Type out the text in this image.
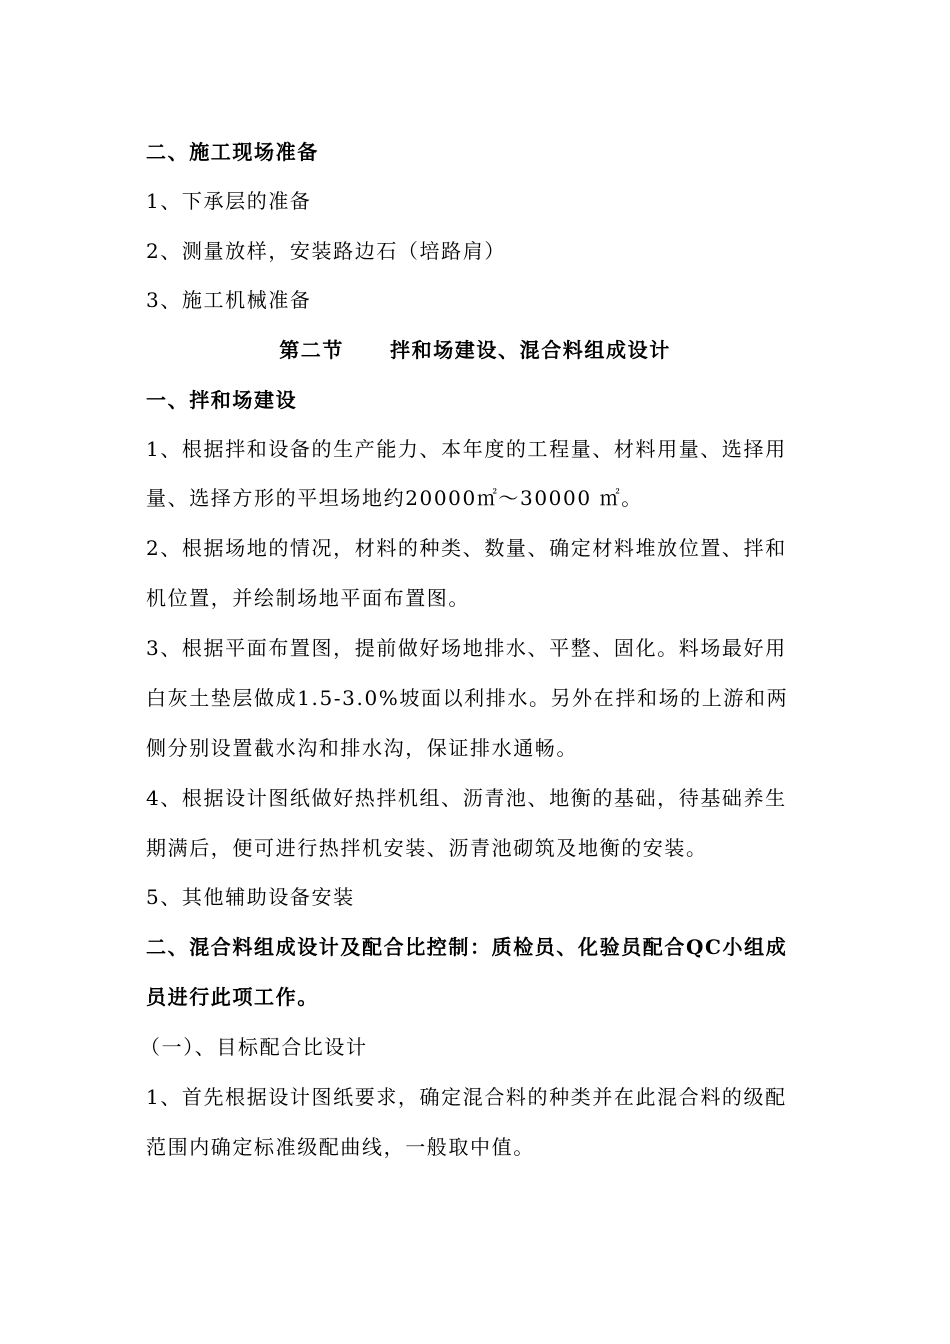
二、施工现场准备
1、下承层的准备
2、测量放样，安装路边石（培路肩）
3、施工机械准备
第二节 拌和场建设、混合料组成设计
一、拌和场建设
1、根据拌和设备的生产能力、本年度的工程量、材料用量、选择用
量、选择方形的平坦场地约20000㎡～30000 ㎡。
2、根据场地的情况，材料的种类、数量、确定材料堆放位置、拌和
机位置，并绘制场地平面布置图。
3、根据平面布置图，提前做好场地排水、平整、固化。料场最好用
白灰土垫层做成1.5-3.0%坡面以利排水。另外在拌和场的上游和两
侧分别设置截水沟和排水沟，保证排水通畅。
4、根据设计图纸做好热拌机组、沥青池、地衡的基础，待基础养生
期满后，便可进行热拌机安装、沥青池砌筑及地衡的安装。
5、其他辅助设备安装
二、混合料组成设计及配合比控制：质检员、化验员配合QC小组成
员进行此项工作。
（一）、目标配合比设计
1、首先根据设计图纸要求，确定混合料的种类并在此混合料的级配
范围内确定标准级配曲线，一般取中值。
